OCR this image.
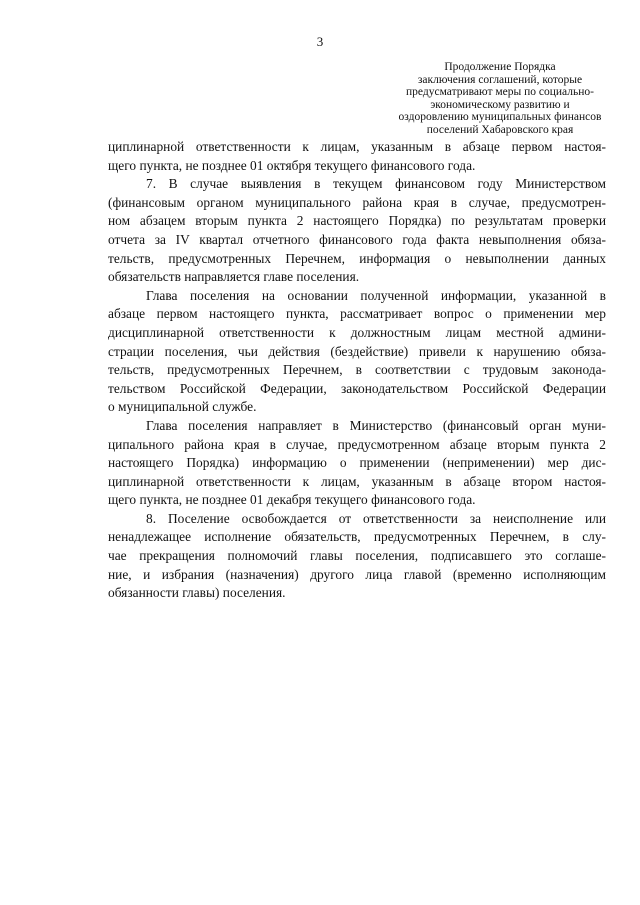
3
Продолжение Порядка
заключения соглашений, которые
предусматривают меры по социально-
экономическому развитию и
оздоровлению муниципальных финансов
поселений Хабаровского края

циплинарной ответственности к лицам, указанным в абзаце первом настоя-
щего пункта, не позднее 01 октября текущего финансового года.

7. В случае выявления в текущем финансовом году Министерством
(финансовым органом муниципального района края в случае, предусмотрен-
ном абзацем вторым пункта 2 настоящего Порядка) по результатам проверки
отчета за IV квартал отчетного финансового года факта невыполнения обяза-
тельств, предусмотренных Перечнем, информация о невыполнении данных
обязательств направляется главе поселения.

Глава поселения на основании полученной информации, указанной в
абзаце первом настоящего пункта, рассматривает вопрос о применении мер
дисциплинарной ответственности к должностным лицам местной админи-
страции поселения, чьи действия (бездействие) привели к нарушению обяза-
тельств, предусмотренных Перечнем, в соответствии с трудовым законода-
тельством Российской Федерации, законодательством Российской Федерации
о муниципальной службе.

Глава поселения направляет в Министерство (финансовый орган муни-
ципального района края в случае, предусмотренном абзаце вторым пункта 2
настоящего Порядка) информацию о применении (неприменении) мер дис-
циплинарной ответственности к лицам, указанным в абзаце втором настоя-
щего пункта, не позднее 01 декабря текущего финансового года.

8. Поселение освобождается от ответственности за неисполнение или
ненадлежащее исполнение обязательств, предусмотренных Перечнем, в слу-
чае прекращения полномочий главы поселения, подписавшего это соглаше-
ние, и избрания (назначения) другого лица главой (временно исполняющим
обязанности главы) поселения.
